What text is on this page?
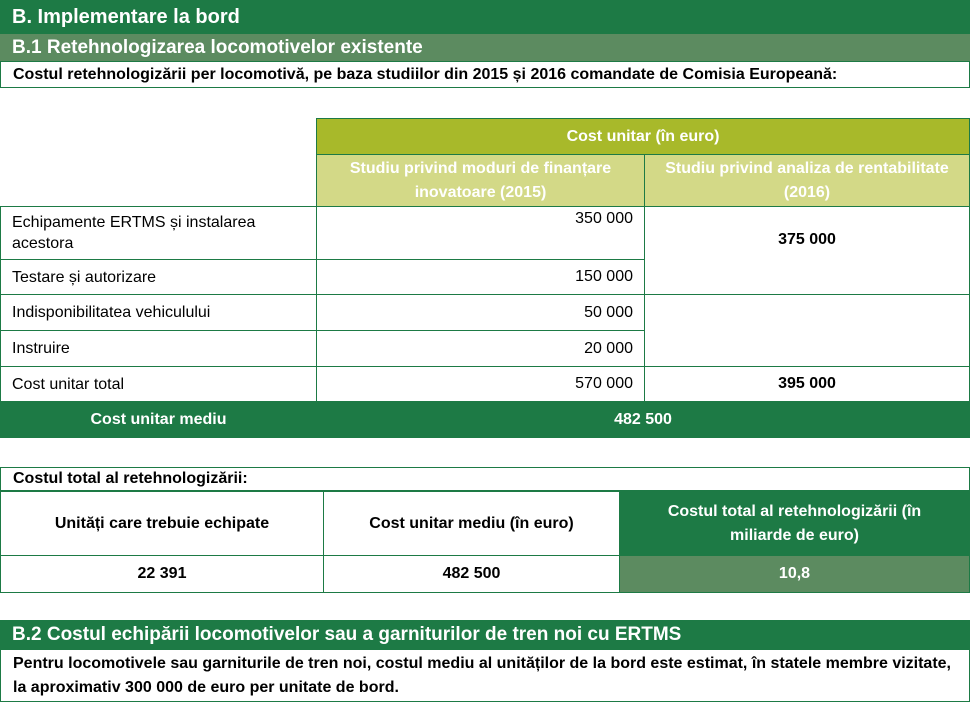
B. Implementare la bord
B.1 Retehnologizarea locomotivelor existente
Costul retehnologizării per locomotivă, pe baza studiilor din 2015 și 2016 comandate de Comisia Europeană:
	Cost unitar (în euro)	
	Studiu privind moduri de finanțare inovatoare (2015)	Studiu privind analiza de rentabilitate (2016)
Echipamente ERTMS și instalarea acestora	350 000	375 000
Testare și autorizare	150 000	
Indisponibilitatea vehiculului	50 000	
Instruire	20 000	
Cost unitar total	570 000	395 000
Cost unitar mediu	482 500	
Costul total al retehnologizării:
Unități care trebuie echipate	Cost unitar mediu (în euro)	Costul total al retehnologizării (în miliarde de euro)
22 391	482 500	10,8
B.2 Costul echipării locomotivelor sau a garniturilor de tren noi cu ERTMS
Pentru locomotivele sau garniturile de tren noi, costul mediu al unităților de la bord este estimat, în statele membre vizitate, la aproximativ 300 000 de euro per unitate de bord.
